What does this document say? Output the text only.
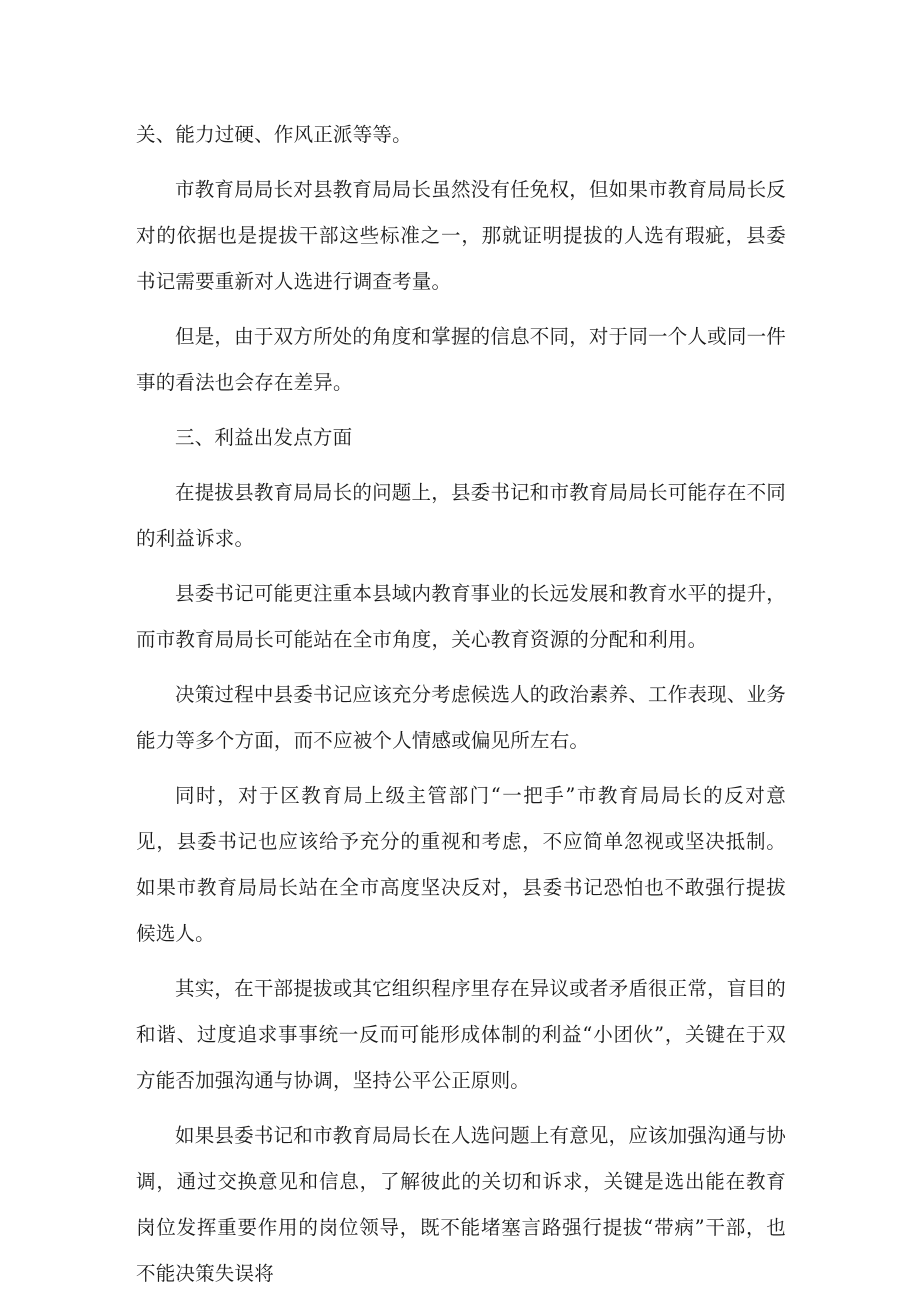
关、能力过硬、作风正派等等。

市教育局局长对县教育局局长虽然没有任免权，但如果市教育局局长反对的依据也是提拔干部这些标准之一，那就证明提拔的人选有瑕疵，县委书记需要重新对人选进行调查考量。

但是，由于双方所处的角度和掌握的信息不同，对于同一个人或同一件事的看法也会存在差异。

三、利益出发点方面

在提拔县教育局局长的问题上，县委书记和市教育局局长可能存在不同的利益诉求。

县委书记可能更注重本县域内教育事业的长远发展和教育水平的提升，而市教育局局长可能站在全市角度，关心教育资源的分配和利用。

决策过程中县委书记应该充分考虑候选人的政治素养、工作表现、业务能力等多个方面，而不应被个人情感或偏见所左右。

同时，对于区教育局上级主管部门“一把手”市教育局局长的反对意见，县委书记也应该给予充分的重视和考虑，不应简单忽视或坚决抵制。如果市教育局局长站在全市高度坚决反对，县委书记恐怕也不敢强行提拔候选人。

其实，在干部提拔或其它组织程序里存在异议或者矛盾很正常，盲目的和谐、过度追求事事统一反而可能形成体制的利益“小团伙”，关键在于双方能否加强沟通与协调，坚持公平公正原则。

如果县委书记和市教育局局长在人选问题上有意见，应该加强沟通与协调，通过交换意见和信息，了解彼此的关切和诉求，关键是选出能在教育岗位发挥重要作用的岗位领导，既不能堵塞言路强行提拔“带病”干部，也不能决策失误将
